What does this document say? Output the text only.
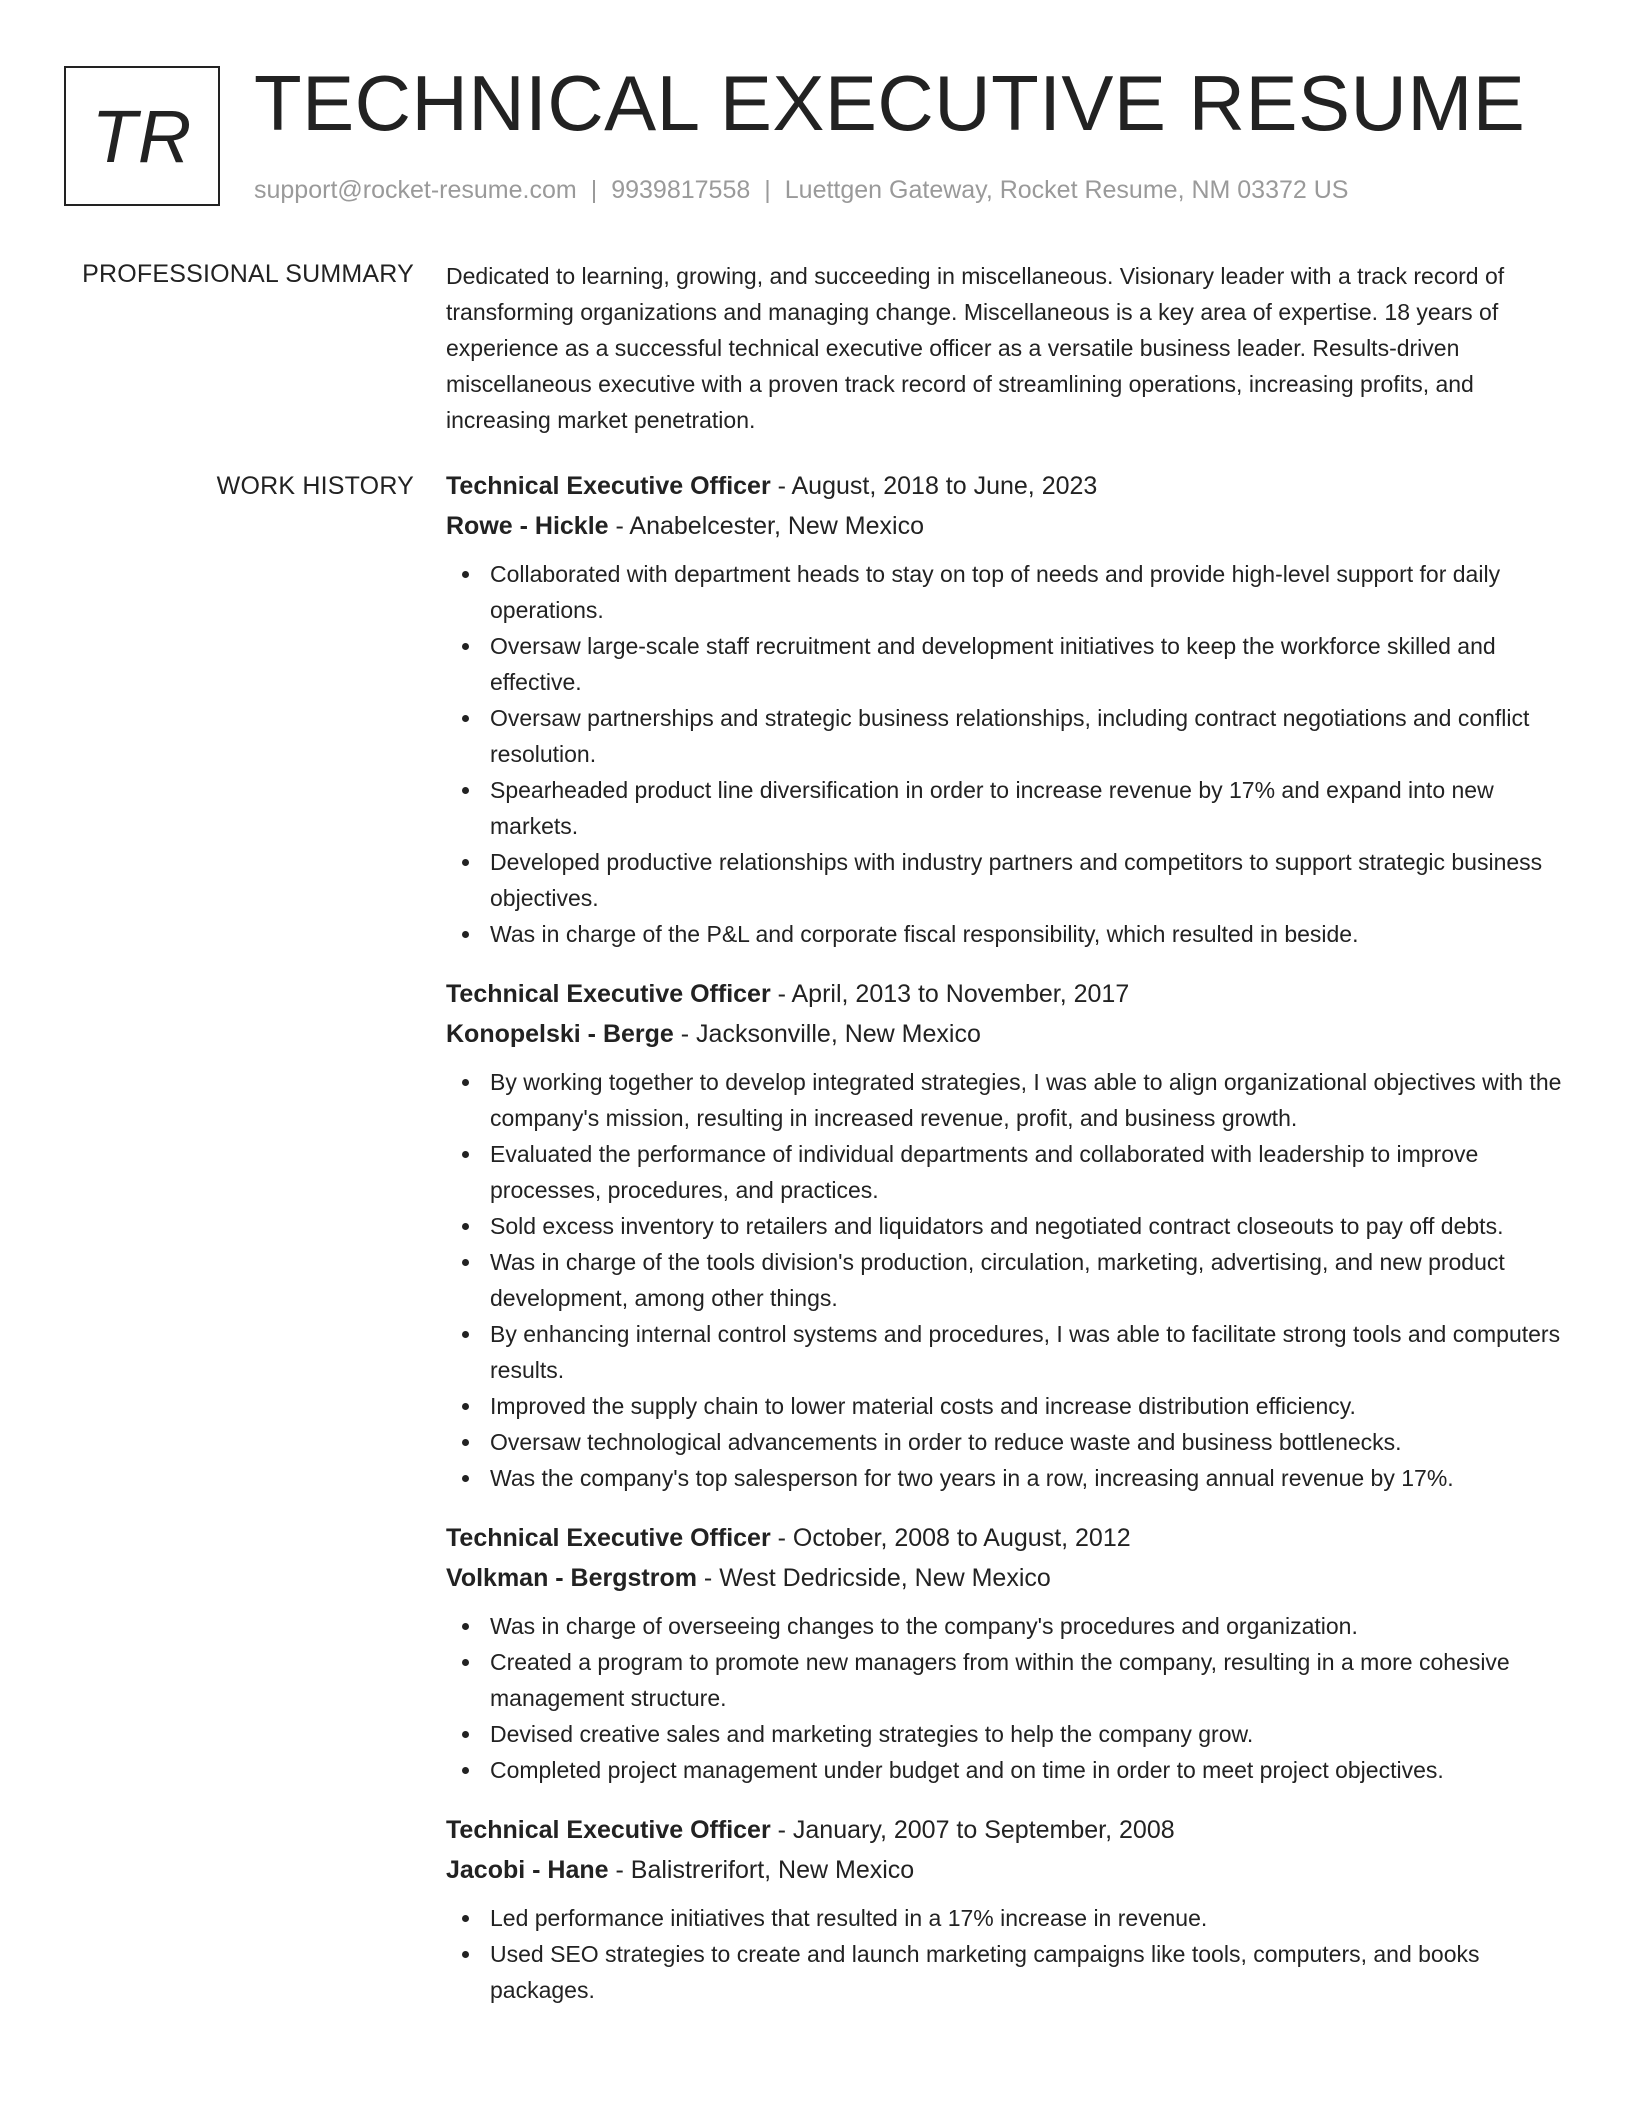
TR TECHNICAL EXECUTIVE RESUME
support@rocket-resume.com | 9939817558 | Luettgen Gateway, Rocket Resume, NM 03372 US
PROFESSIONAL SUMMARY Dedicated to learning, growing, and succeeding in miscellaneous. Visionary leader with a track record of transforming organizations and managing change. Miscellaneous is a key area of expertise. 18 years of experience as a successful technical executive officer as a versatile business leader. Results-driven miscellaneous executive with a proven track record of streamlining operations, increasing profits, and increasing market penetration.

WORK HISTORY Technical Executive Officer - August, 2018 to June, 2023
Rowe - Hickle - Anabelcester, New Mexico
Collaborated with department heads to stay on top of needs and provide high-level support for daily operations.
Oversaw large-scale staff recruitment and development initiatives to keep the workforce skilled and effective.
Oversaw partnerships and strategic business relationships, including contract negotiations and conflict resolution.
Spearheaded product line diversification in order to increase revenue by 17% and expand into new markets.
Developed productive relationships with industry partners and competitors to support strategic business objectives.
Was in charge of the P&L and corporate fiscal responsibility, which resulted in beside.
Technical Executive Officer - April, 2013 to November, 2017
Konopelski - Berge - Jacksonville, New Mexico
By working together to develop integrated strategies, I was able to align organizational objectives with the company's mission, resulting in increased revenue, profit, and business growth.
Evaluated the performance of individual departments and collaborated with leadership to improve processes, procedures, and practices.
Sold excess inventory to retailers and liquidators and negotiated contract closeouts to pay off debts.
Was in charge of the tools division's production, circulation, marketing, advertising, and new product development, among other things.
By enhancing internal control systems and procedures, I was able to facilitate strong tools and computers results.
Improved the supply chain to lower material costs and increase distribution efficiency.
Oversaw technological advancements in order to reduce waste and business bottlenecks.
Was the company's top salesperson for two years in a row, increasing annual revenue by 17%.
Technical Executive Officer - October, 2008 to August, 2012
Volkman - Bergstrom - West Dedricside, New Mexico
Was in charge of overseeing changes to the company's procedures and organization.
Created a program to promote new managers from within the company, resulting in a more cohesive management structure.
Devised creative sales and marketing strategies to help the company grow.
Completed project management under budget and on time in order to meet project objectives.
Technical Executive Officer - January, 2007 to September, 2008
Jacobi - Hane - Balistrerifort, New Mexico
Led performance initiatives that resulted in a 17% increase in revenue.
Used SEO strategies to create and launch marketing campaigns like tools, computers, and books packages.
